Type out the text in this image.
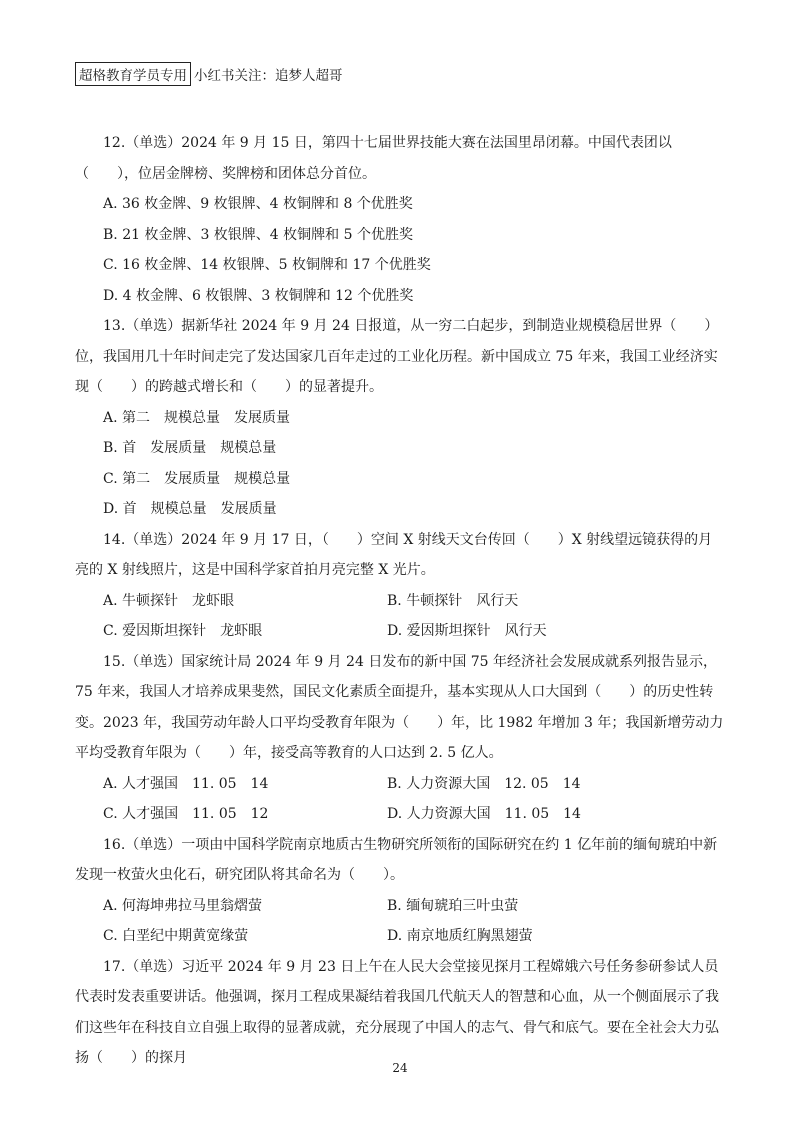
超格教育学员专用 小红书关注：追梦人超哥

12.（单选）2024 年 9 月 15 日，第四十七届世界技能大赛在法国里昂闭幕。中国代表团以（　　），位居金牌榜、奖牌榜和团体总分首位。

A. 36 枚金牌、9 枚银牌、4 枚铜牌和 8 个优胜奖
B. 21 枚金牌、3 枚银牌、4 枚铜牌和 5 个优胜奖
C. 16 枚金牌、14 枚银牌、5 枚铜牌和 17 个优胜奖
D. 4 枚金牌、6 枚银牌、3 枚铜牌和 12 个优胜奖

13.（单选）据新华社 2024 年 9 月 24 日报道，从一穷二白起步，到制造业规模稳居世界（　　）位，我国用几十年时间走完了发达国家几百年走过的工业化历程。新中国成立 75 年来，我国工业经济实现（　　）的跨越式增长和（　　）的显著提升。

A. 第二　规模总量　发展质量
B. 首　发展质量　规模总量
C. 第二　发展质量　规模总量
D. 首　规模总量　发展质量

14.（单选）2024 年 9 月 17 日，（　　）空间 X 射线天文台传回（　　）X 射线望远镜获得的月亮的 X 射线照片，这是中国科学家首拍月亮完整 X 光片。

A. 牛顿探针　龙虾眼	B. 牛顿探针　风行天
C. 爱因斯坦探针　龙虾眼	D. 爱因斯坦探针　风行天

15.（单选）国家统计局 2024 年 9 月 24 日发布的新中国 75 年经济社会发展成就系列报告显示，75 年来，我国人才培养成果斐然，国民文化素质全面提升，基本实现从人口大国到（　　）的历史性转变。2023 年，我国劳动年龄人口平均受教育年限为（　　）年，比 1982 年增加 3 年；我国新增劳动力平均受教育年限为（　　）年，接受高等教育的人口达到 2. 5 亿人。

A. 人才强国　11. 05　14	B. 人力资源大国　12. 05　14
C. 人才强国　11. 05　12	D. 人力资源大国　11. 05　14

16.（单选）一项由中国科学院南京地质古生物研究所领衔的国际研究在约 1 亿年前的缅甸琥珀中新发现一枚萤火虫化石，研究团队将其命名为（　　）。

A. 何海坤弗拉马里翁熠萤	B. 缅甸琥珀三叶虫萤
C. 白垩纪中期黄宽缘萤	D. 南京地质红胸黑翅萤

17.（单选）习近平 2024 年 9 月 23 日上午在人民大会堂接见探月工程嫦娥六号任务参研参试人员代表时发表重要讲话。他强调，探月工程成果凝结着我国几代航天人的智慧和心血，从一个侧面展示了我们这些年在科技自立自强上取得的显著成就，充分展现了中国人的志气、骨气和底气。要在全社会大力弘扬（　　）的探月

24
